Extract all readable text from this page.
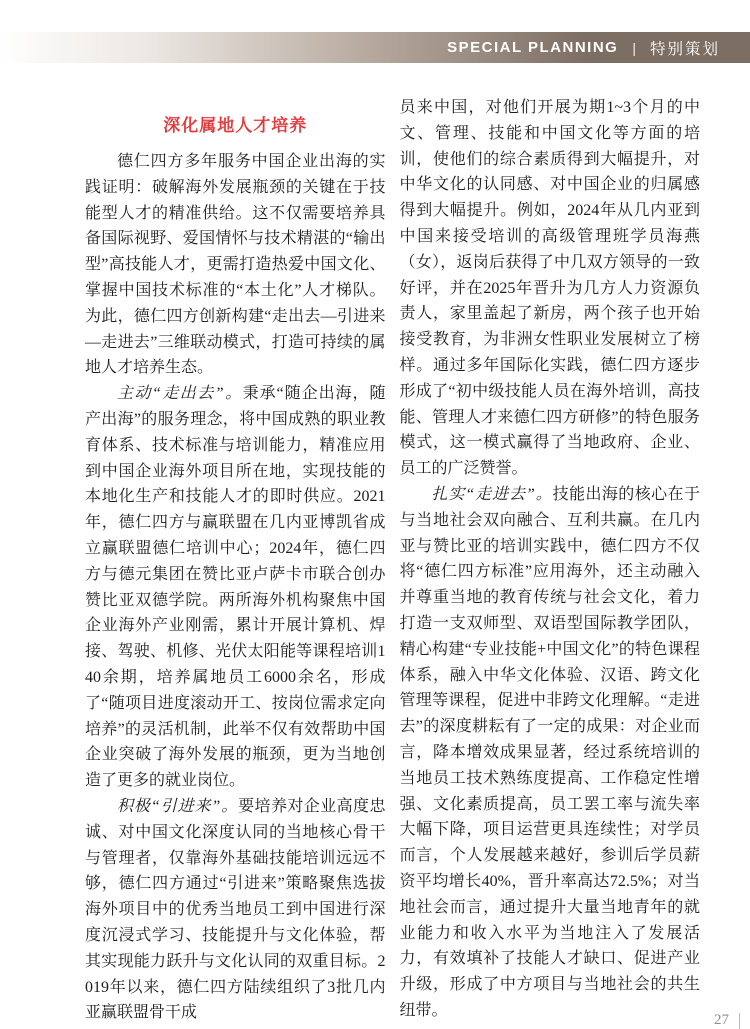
SPECIAL PLANNING | 特别策划
深化属地人才培养

德仁四方多年服务中国企业出海的实践证明：破解海外发展瓶颈的关键在于技能型人才的精准供给。这不仅需要培养具备国际视野、爱国情怀与技术精湛的“输出型”高技能人才，更需打造热爱中国文化、掌握中国技术标准的“本土化”人才梯队。为此，德仁四方创新构建“走出去—引进来—走进去”三维联动模式，打造可持续的属地人才培养生态。

主动“走出去”。秉承“随企出海，随产出海”的服务理念，将中国成熟的职业教育体系、技术标准与培训能力，精准应用到中国企业海外项目所在地，实现技能的本地化生产和技能人才的即时供应。2021年，德仁四方与赢联盟在几内亚博凯省成立赢联盟德仁培训中心；2024年，德仁四方与德元集团在赞比亚卢萨卡市联合创办赞比亚双德学院。两所海外机构聚焦中国企业海外产业刚需，累计开展计算机、焊接、驾驶、机修、光伏太阳能等课程培训140余期，培养属地员工6000余名，形成了“随项目进度滚动开工、按岗位需求定向培养”的灵活机制，此举不仅有效帮助中国企业突破了海外发展的瓶颈，更为当地创造了更多的就业岗位。

积极“引进来”。要培养对企业高度忠诚、对中国文化深度认同的当地核心骨干与管理者，仅靠海外基础技能培训远远不够，德仁四方通过“引进来”策略聚焦选拔海外项目中的优秀当地员工到中国进行深度沉浸式学习、技能提升与文化体验，帮其实现能力跃升与文化认同的双重目标。2019年以来，德仁四方陆续组织了3批几内亚赢联盟骨干成

员来中国，对他们开展为期1~3个月的中文、管理、技能和中国文化等方面的培训，使他们的综合素质得到大幅提升，对中华文化的认同感、对中国企业的归属感得到大幅提升。例如，2024年从几内亚到中国来接受培训的高级管理班学员海燕（女），返岗后获得了中几双方领导的一致好评，并在2025年晋升为几方人力资源负责人，家里盖起了新房，两个孩子也开始接受教育，为非洲女性职业发展树立了榜样。通过多年国际化实践，德仁四方逐步形成了“初中级技能人员在海外培训，高技能、管理人才来德仁四方研修”的特色服务模式，这一模式赢得了当地政府、企业、员工的广泛赞誉。

扎实“走进去”。技能出海的核心在于与当地社会双向融合、互利共赢。在几内亚与赞比亚的培训实践中，德仁四方不仅将“德仁四方标准”应用海外，还主动融入并尊重当地的教育传统与社会文化，着力打造一支双师型、双语型国际教学团队，精心构建“专业技能+中国文化”的特色课程体系，融入中华文化体验、汉语、跨文化管理等课程，促进中非跨文化理解。“走进去”的深度耕耘有了一定的成果：对企业而言，降本增效成果显著，经过系统培训的当地员工技术熟练度提高、工作稳定性增强、文化素质提高，员工罢工率与流失率大幅下降，项目运营更具连续性；对学员而言，个人发展越来越好，参训后学员薪资平均增长40%，晋升率高达72.5%；对当地社会而言，通过提升大量当地青年的就业能力和收入水平为当地注入了发展活力，有效填补了技能人才缺口、促进产业升级，形成了中方项目与当地社会的共生纽带。

27
